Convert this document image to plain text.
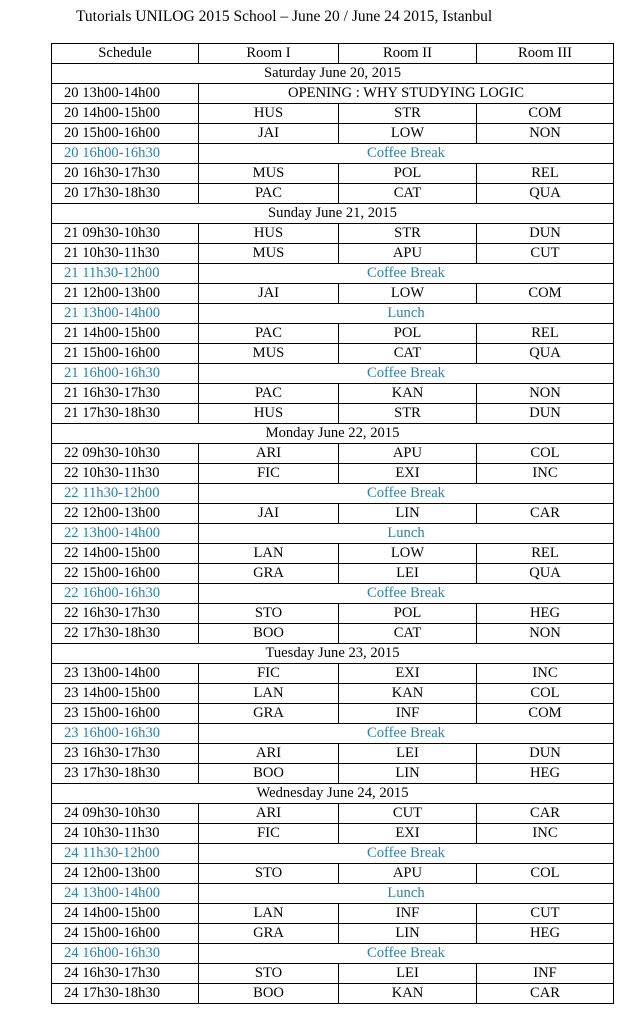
Tutorials UNILOG 2015 School – June 20 / June 24 2015, Istanbul
Schedule	Room I	Room II	Room III
Saturday June 20, 2015			
20 13h00-14h00	OPENING : WHY STUDYING LOGIC		
20 14h00-15h00	HUS	STR	COM
20 15h00-16h00	JAI	LOW	NON
20 16h00-16h30	Coffee Break		
20 16h30-17h30	MUS	POL	REL
20 17h30-18h30	PAC	CAT	QUA
Sunday June 21, 2015			
21 09h30-10h30	HUS	STR	DUN
21 10h30-11h30	MUS	APU	CUT
21 11h30-12h00	Coffee Break		
21 12h00-13h00	JAI	LOW	COM
21 13h00-14h00	Lunch		
21 14h00-15h00	PAC	POL	REL
21 15h00-16h00	MUS	CAT	QUA
21 16h00-16h30	Coffee Break		
21 16h30-17h30	PAC	KAN	NON
21 17h30-18h30	HUS	STR	DUN
Monday June 22, 2015			
22 09h30-10h30	ARI	APU	COL
22 10h30-11h30	FIC	EXI	INC
22 11h30-12h00	Coffee Break		
22 12h00-13h00	JAI	LIN	CAR
22 13h00-14h00	Lunch		
22 14h00-15h00	LAN	LOW	REL
22 15h00-16h00	GRA	LEI	QUA
22 16h00-16h30	Coffee Break		
22 16h30-17h30	STO	POL	HEG
22 17h30-18h30	BOO	CAT	NON
Tuesday June 23, 2015			
23 13h00-14h00	FIC	EXI	INC
23 14h00-15h00	LAN	KAN	COL
23 15h00-16h00	GRA	INF	COM
23 16h00-16h30	Coffee Break		
23 16h30-17h30	ARI	LEI	DUN
23 17h30-18h30	BOO	LIN	HEG
Wednesday June 24, 2015			
24 09h30-10h30	ARI	CUT	CAR
24 10h30-11h30	FIC	EXI	INC
24 11h30-12h00	Coffee Break		
24 12h00-13h00	STO	APU	COL
24 13h00-14h00	Lunch		
24 14h00-15h00	LAN	INF	CUT
24 15h00-16h00	GRA	LIN	HEG
24 16h00-16h30	Coffee Break		
24 16h30-17h30	STO	LEI	INF
24 17h30-18h30	BOO	KAN	CAR
